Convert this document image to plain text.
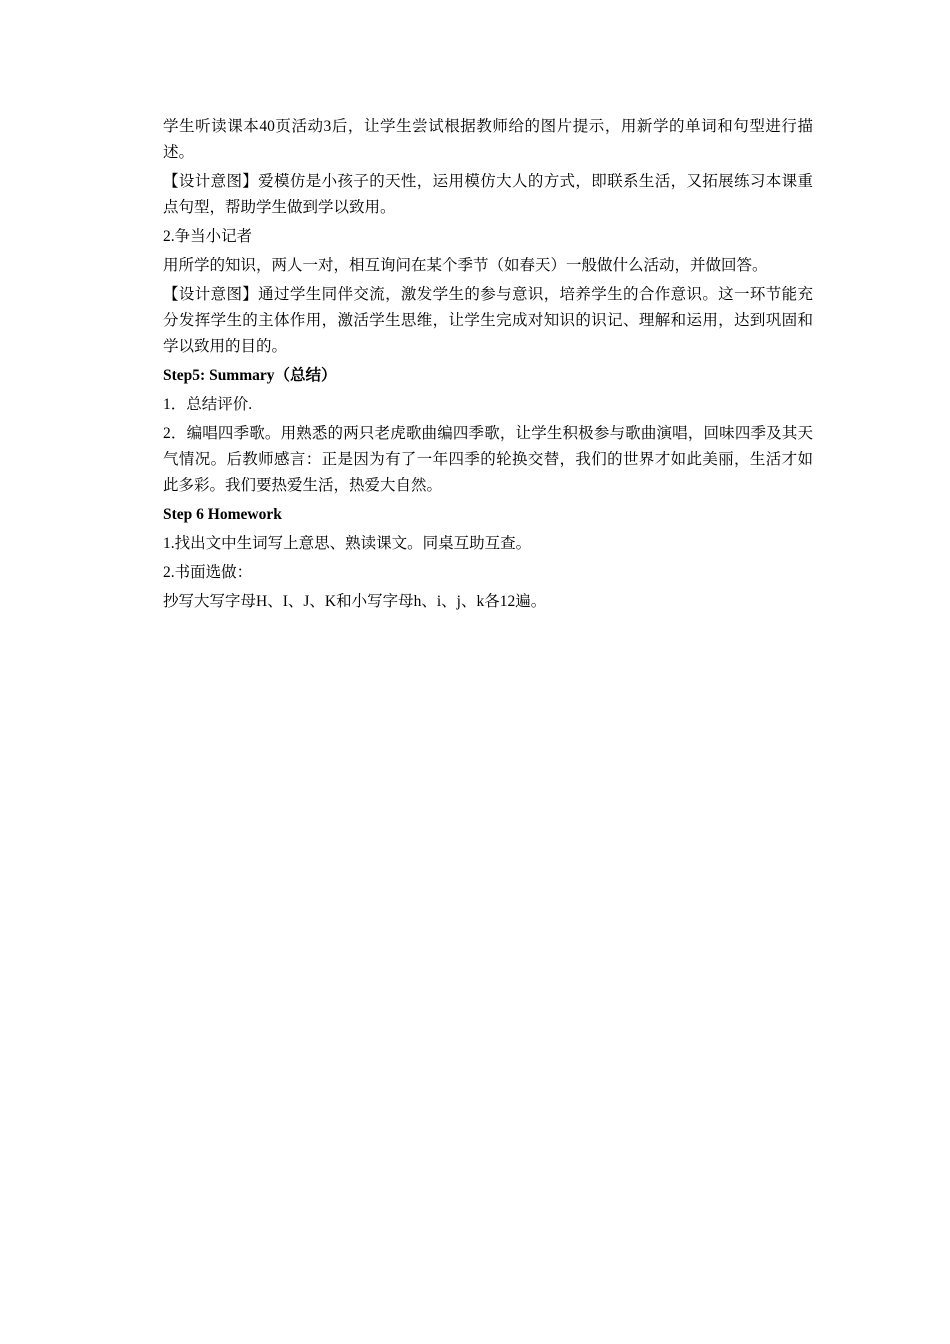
学生听读课本40页活动3后，让学生尝试根据教师给的图片提示，用新学的单词和句型进行描述。

【设计意图】爱模仿是小孩子的天性，运用模仿大人的方式，即联系生活，又拓展练习本课重点句型，帮助学生做到学以致用。

2.争当小记者

用所学的知识，两人一对，相互询问在某个季节（如春天）一般做什么活动，并做回答。

【设计意图】通过学生同伴交流，激发学生的参与意识，培养学生的合作意识。这一环节能充分发挥学生的主体作用，激活学生思维，让学生完成对知识的识记、理解和运用，达到巩固和学以致用的目的。

Step5: Summary（总结）

1．总结评价.

2．编唱四季歌。用熟悉的两只老虎歌曲编四季歌，让学生积极参与歌曲演唱，回味四季及其天气情况。后教师感言：正是因为有了一年四季的轮换交替，我们的世界才如此美丽，生活才如此多彩。我们要热爱生活，热爱大自然。

Step 6 Homework

1.找出文中生词写上意思、熟读课文。同桌互助互查。

2.书面选做：

抄写大写字母H、I、J、K和小写字母h、i、j、k各12遍。
